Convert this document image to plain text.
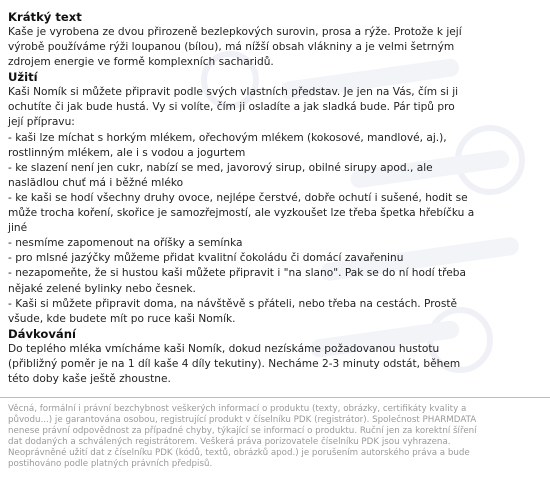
Krátký text

Kaše je vyrobena ze dvou přirozeně bezlepkových surovin, prosa a rýže. Protože k její
výrobě používáme rýži loupanou (bílou), má nížší obsah vlákniny a je velmi šetrným
zdrojem energie ve formě komplexních sacharidů.

Užití

Kaši Nomík si můžete připravit podle svých vlastních představ. Je jen na Vás, čím si ji
ochutíte či jak bude hustá. Vy si volíte, čím ji osladíte a jak sladká bude. Pár tipů pro
její přípravu:
- kaši lze míchat s horkým mlékem, ořechovým mlékem (kokosové, mandlové, aj.),
rostlinným mlékem, ale i s vodou a jogurtem
- ke slazení není jen cukr, nabízí se med, javorový sirup, obilné sirupy apod., ale
naslădlou chuť má i běžné mléko
- ke kaši se hodí všechny druhy ovoce, nejlépe čerstvé, dobře ochutí i sušené, hodit se
může trocha koření, skořice je samozřejmostí, ale vyzkoušet lze třeba špetka hřebíčku a
jiné
- nesmíme zapomenout na oříšky a semínka
- pro mlsné jazýčky můžeme přidat kvalitní čokoládu či domácí zavařeninu
- nezapomeňte, že si hustou kaši můžete připravit i "na slano". Pak se do ní hodí třeba
nějaké zelené bylinky nebo česnek.
- Kaši si můžete připravit doma, na návštěvě s přáteli, nebo třeba na cestách. Prostě
všude, kde budete mít po ruce kaši Nomík.

Dávkování

Do teplého mléka vmícháme kaši Nomík, dokud nezískáme požadovanou hustotu
(přibližný poměr je na 1 díl kaše 4 díly tekutiny). Necháme 2-3 minuty odstát, během
této doby kaše ještě zhoustne.

Věcná, formální i právní bezchybnost veškerých informací o produktu (texty, obrázky, certifikáty kvality a
původu...) je garantována osobou, registrující produkt v číselníku PDK (registrátor). Společnost PHARMDATA
nenese právní odpovědnost za případné chyby, týkající se informací o produktu. Ruční jen za korektní šíření
dat dodaných a schválených registrátorem. Veškerá práva porizovatele číselníku PDK jsou vyhrazena.
Neoprávněné užití dat z číselníku PDK (kódů, textů, obrázků apod.) je porušením autorského práva a bude
postihováno podle platných právních předpisů.
